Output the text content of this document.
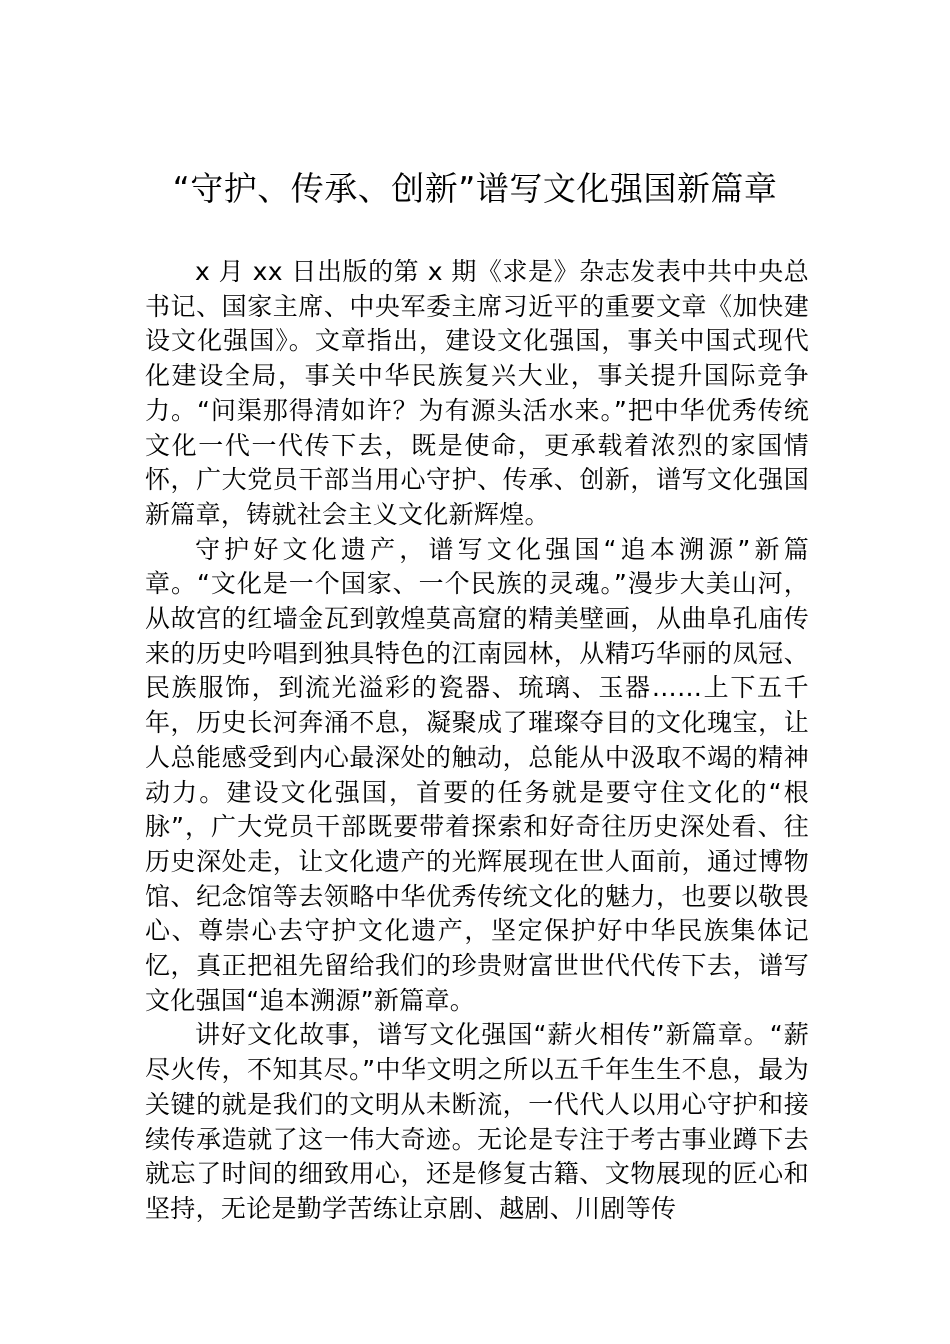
“守护、传承、创新”谱写文化强国新篇章

x 月 xx 日出版的第 x 期《求是》杂志发表中共中央总书记、国家主席、中央军委主席习近平的重要文章《加快建设文化强国》。文章指出，建设文化强国，事关中国式现代化建设全局，事关中华民族复兴大业，事关提升国际竞争力。“问渠那得清如许？为有源头活水来。”把中华优秀传统文化一代一代传下去，既是使命，更承载着浓烈的家国情怀，广大党员干部当用心守护、传承、创新，谱写文化强国新篇章，铸就社会主义文化新辉煌。

守护好文化遗产，谱写文化强国“追本溯源”新篇章。“文化是一个国家、一个民族的灵魂。”漫步大美山河，从故宫的红墙金瓦到敦煌莫高窟的精美壁画，从曲阜孔庙传来的历史吟唱到独具特色的江南园林，从精巧华丽的凤冠、民族服饰，到流光溢彩的瓷器、琉璃、玉器……上下五千年，历史长河奔涌不息，凝聚成了璀璨夺目的文化瑰宝，让人总能感受到内心最深处的触动，总能从中汲取不竭的精神动力。建设文化强国，首要的任务就是要守住文化的“根脉”，广大党员干部既要带着探索和好奇往历史深处看、往历史深处走，让文化遗产的光辉展现在世人面前，通过博物馆、纪念馆等去领略中华优秀传统文化的魅力，也要以敬畏心、尊崇心去守护文化遗产，坚定保护好中华民族集体记忆，真正把祖先留给我们的珍贵财富世世代代传下去，谱写文化强国“追本溯源”新篇章。

讲好文化故事，谱写文化强国“薪火相传”新篇章。“薪尽火传，不知其尽。”中华文明之所以五千年生生不息，最为关键的就是我们的文明从未断流，一代代人以用心守护和接续传承造就了这一伟大奇迹。无论是专注于考古事业蹲下去就忘了时间的细致用心，还是修复古籍、文物展现的匠心和坚持，无论是勤学苦练让京剧、越剧、川剧等传
